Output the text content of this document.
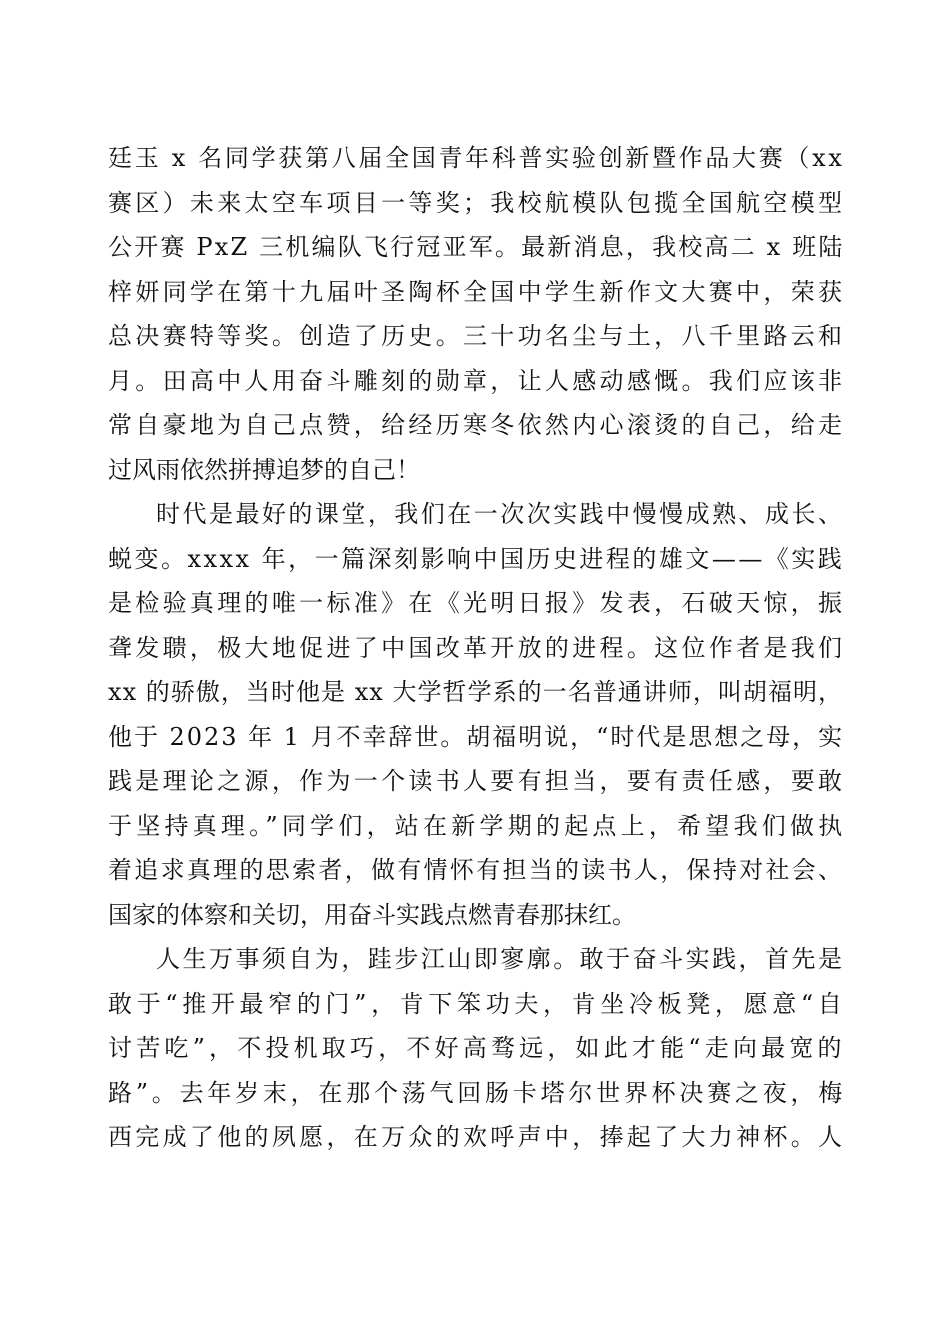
廷玉 x 名同学获第八届全国青年科普实验创新暨作品大赛（xx
赛区）未来太空车项目一等奖；我校航模队包揽全国航空模型
公开赛 PxZ 三机编队飞行冠亚军。最新消息，我校高二 x 班陆
梓妍同学在第十九届叶圣陶杯全国中学生新作文大赛中，荣获
总决赛特等奖。创造了历史。三十功名尘与土，八千里路云和
月。田高中人用奋斗雕刻的勋章，让人感动感慨。我们应该非
常自豪地为自己点赞，给经历寒冬依然内心滚烫的自己，给走
过风雨依然拼搏追梦的自己！
时代是最好的课堂，我们在一次次实践中慢慢成熟、成长、
蜕变。xxxx 年，一篇深刻影响中国历史进程的雄文——《实践
是检验真理的唯一标准》在《光明日报》发表，石破天惊，振
聋发聩，极大地促进了中国改革开放的进程。这位作者是我们
xx 的骄傲，当时他是 xx 大学哲学系的一名普通讲师，叫胡福明，
他于 2023 年 1 月不幸辞世。胡福明说，“时代是思想之母，实
践是理论之源，作为一个读书人要有担当，要有责任感，要敢
于坚持真理。”同学们，站在新学期的起点上，希望我们做执
着追求真理的思索者，做有情怀有担当的读书人，保持对社会、
国家的体察和关切，用奋斗实践点燃青春那抹红。
人生万事须自为，跬步江山即寥廓。敢于奋斗实践，首先是
敢于“推开最窄的门”，肯下笨功夫，肯坐冷板凳，愿意“自
讨苦吃”，不投机取巧，不好高骛远，如此才能“走向最宽的
路”。去年岁末，在那个荡气回肠卡塔尔世界杯决赛之夜，梅
西完成了他的夙愿，在万众的欢呼声中，捧起了大力神杯。人
